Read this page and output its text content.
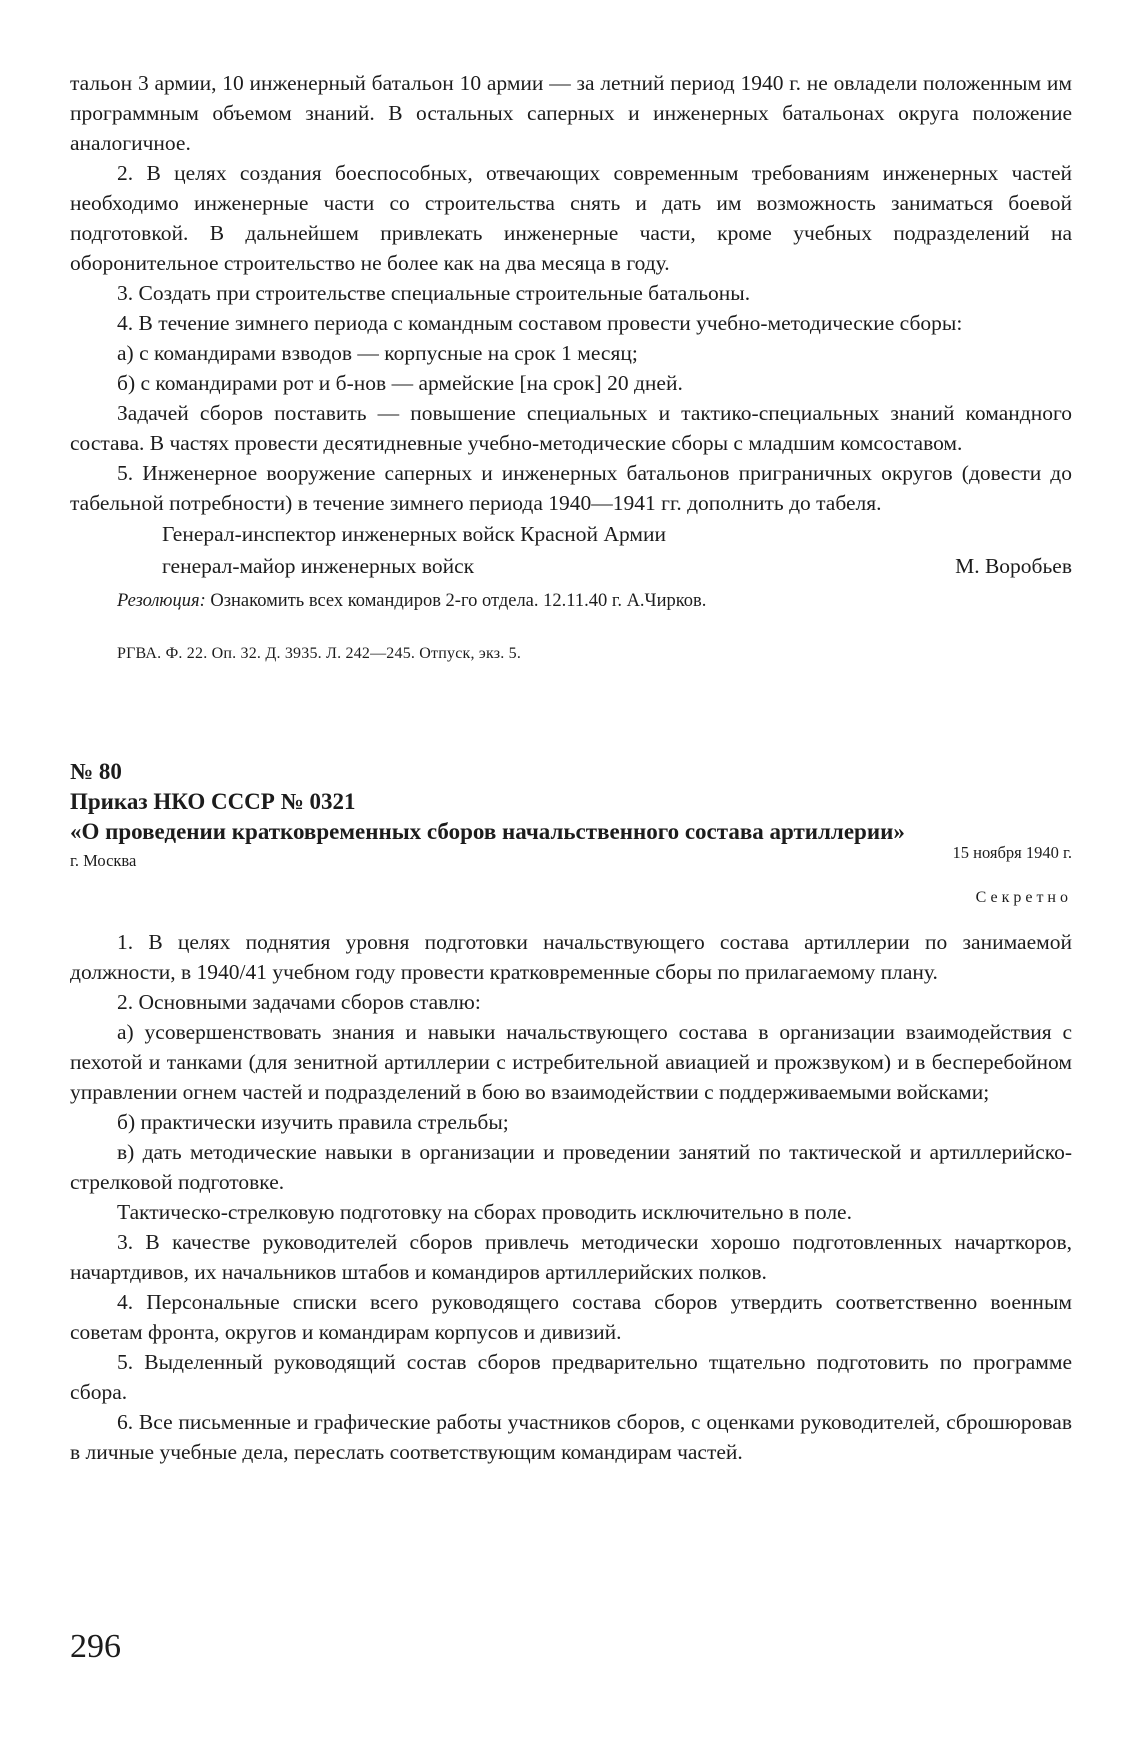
тальон 3 армии, 10 инженерный батальон 10 армии — за летний период 1940 г. не овладели положенным им программным объемом знаний. В остальных саперных и инженерных батальонах округа положение аналогичное.

2. В целях создания боеспособных, отвечающих современным требованиям инженерных частей необходимо инженерные части со строительства снять и дать им возможность заниматься боевой подготовкой. В дальнейшем привлекать инженерные части, кроме учебных подразделений на оборонительное строительство не более как на два месяца в году.

3. Создать при строительстве специальные строительные батальоны.

4. В течение зимнего периода с командным составом провести учебно-методические сборы:

а) с командирами взводов — корпусные на срок 1 месяц;

б) с командирами рот и б-нов — армейские [на срок] 20 дней.

Задачей сборов поставить — повышение специальных и тактико-специальных знаний командного состава. В частях провести десятидневные учебно-методические сборы с младшим комсоставом.

5. Инженерное вооружение саперных и инженерных батальонов приграничных округов (довести до табельной потребности) в течение зимнего периода 1940—1941 гг. дополнить до табеля.

Генерал-инспектор инженерных войск Красной Армии
генерал-майор инженерных войск	М. Воробьев

Резолюция: Ознакомить всех командиров 2-го отдела. 12.11.40 г. А.Чирков.

РГВА. Ф. 22. Оп. 32. Д. 3935. Л. 242—245. Отпуск, экз. 5.

№ 80

Приказ НКО СССР № 0321

«О проведении кратковременных сборов начальственного состава артиллерии»

г. Москва	15 ноября 1940 г.
Секретно

1. В целях поднятия уровня подготовки начальствующего состава артиллерии по занимаемой должности, в 1940/41 учебном году провести кратковременные сборы по прилагаемому плану.

2. Основными задачами сборов ставлю:

а) усовершенствовать знания и навыки начальствующего состава в организации взаимодействия с пехотой и танками (для зенитной артиллерии с истребительной авиацией и прожзвуком) и в бесперебойном управлении огнем частей и подразделений в бою во взаимодействии с поддерживаемыми войсками;

б) практически изучить правила стрельбы;

в) дать методические навыки в организации и проведении занятий по тактической и артиллерийско-стрелковой подготовке.

Тактическо-стрелковую подготовку на сборах проводить исключительно в поле.

3. В качестве руководителей сборов привлечь методически хорошо подготовленных начарткоров, начартдивов, их начальников штабов и командиров артиллерийских полков.

4. Персональные списки всего руководящего состава сборов утвердить соответственно военным советам фронта, округов и командирам корпусов и дивизий.

5. Выделенный руководящий состав сборов предварительно тщательно подготовить по программе сбора.

6. Все письменные и графические работы участников сборов, с оценками руководителей, сброшюровав в личные учебные дела, переслать соответствующим командирам частей.

296
